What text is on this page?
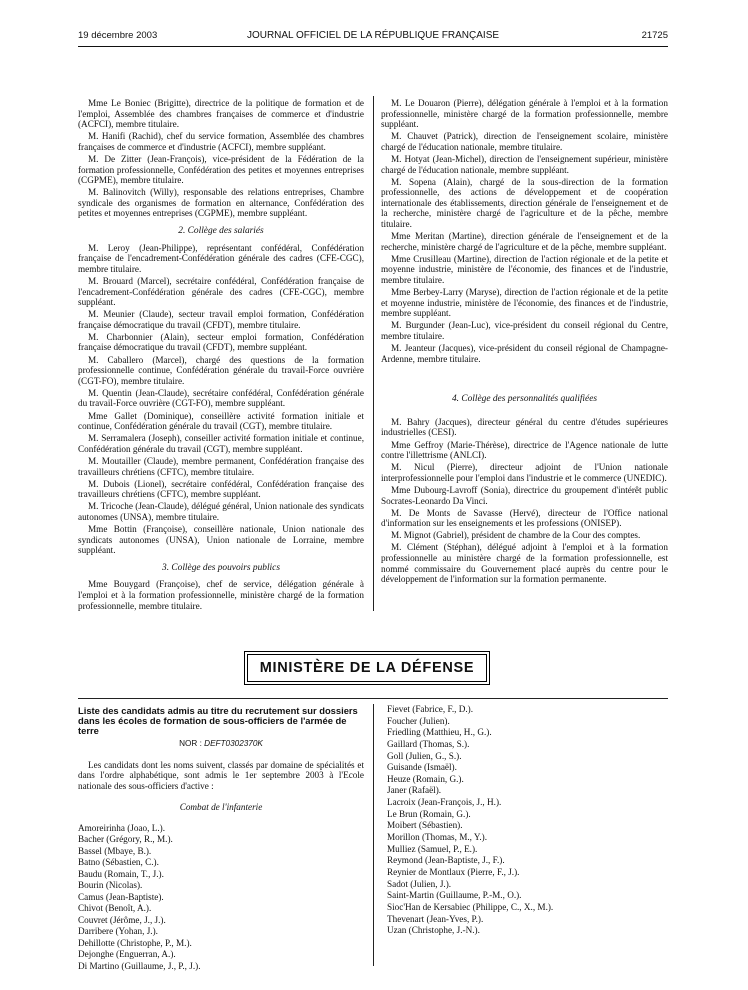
19 décembre 2003	JOURNAL OFFICIEL DE LA RÉPUBLIQUE FRANÇAISE	21725

Mme Le Boniec (Brigitte), directrice de la politique de formation et de l'emploi, Assemblée des chambres françaises de commerce et d'industrie (ACFCI), membre titulaire.

M. Hanifi (Rachid), chef du service formation, Assemblée des chambres françaises de commerce et d'industrie (ACFCI), membre suppléant.

M. De Zitter (Jean-François), vice-président de la Fédération de la formation professionnelle, Confédération des petites et moyennes entreprises (CGPME), membre titulaire.

M. Balinovitch (Willy), responsable des relations entreprises, Chambre syndicale des organismes de formation en alternance, Confédération des petites et moyennes entreprises (CGPME), membre suppléant.

2. Collège des salariés

M. Leroy (Jean-Philippe), représentant confédéral, Confédération française de l'encadrement-Confédération générale des cadres (CFE-CGC), membre titulaire.

M. Brouard (Marcel), secrétaire confédéral, Confédération française de l'encadrement-Confédération générale des cadres (CFE-CGC), membre suppléant.

M. Meunier (Claude), secteur travail emploi formation, Confédération française démocratique du travail (CFDT), membre titulaire.

M. Charbonnier (Alain), secteur emploi formation, Confédération française démocratique du travail (CFDT), membre suppléant.

M. Caballero (Marcel), chargé des questions de la formation professionnelle continue, Confédération générale du travail-Force ouvrière (CGT-FO), membre titulaire.

M. Quentin (Jean-Claude), secrétaire confédéral, Confédération générale du travail-Force ouvrière (CGT-FO), membre suppléant.

Mme Gallet (Dominique), conseillère activité formation initiale et continue, Confédération générale du travail (CGT), membre titulaire.

M. Serramalera (Joseph), conseiller activité formation initiale et continue, Confédération générale du travail (CGT), membre suppléant.

M. Moutailler (Claude), membre permanent, Confédération française des travailleurs chrétiens (CFTC), membre titulaire.

M. Dubois (Lionel), secrétaire confédéral, Confédération française des travailleurs chrétiens (CFTC), membre suppléant.

M. Tricoche (Jean-Claude), délégué général, Union nationale des syndicats autonomes (UNSA), membre titulaire.

Mme Bottin (Françoise), conseillère nationale, Union nationale des syndicats autonomes (UNSA), Union nationale de Lorraine, membre suppléant.

3. Collège des pouvoirs publics

Mme Bouygard (Françoise), chef de service, délégation générale à l'emploi et à la formation professionnelle, ministère chargé de la formation professionnelle, membre titulaire.

M. Le Douaron (Pierre), délégation générale à l'emploi et à la formation professionnelle, ministère chargé de la formation professionnelle, membre suppléant.

M. Chauvet (Patrick), direction de l'enseignement scolaire, ministère chargé de l'éducation nationale, membre titulaire.

M. Hotyat (Jean-Michel), direction de l'enseignement supérieur, ministère chargé de l'éducation nationale, membre suppléant.

M. Sopena (Alain), chargé de la sous-direction de la formation professionnelle, des actions de développement et de coopération internationale des établissements, direction générale de l'enseignement et de la recherche, ministère chargé de l'agriculture et de la pêche, membre titulaire.

Mme Meritan (Martine), direction générale de l'enseignement et de la recherche, ministère chargé de l'agriculture et de la pêche, membre suppléant.

Mme Crusilleau (Martine), direction de l'action régionale et de la petite et moyenne industrie, ministère de l'économie, des finances et de l'industrie, membre titulaire.

Mme Berbey-Larry (Maryse), direction de l'action régionale et de la petite et moyenne industrie, ministère de l'économie, des finances et de l'industrie, membre suppléant.

M. Burgunder (Jean-Luc), vice-président du conseil régional du Centre, membre titulaire.

M. Jeanteur (Jacques), vice-président du conseil régional de Champagne-Ardenne, membre titulaire.

4. Collège des personnalités qualifiées

M. Bahry (Jacques), directeur général du centre d'études supérieures industrielles (CESI).

Mme Geffroy (Marie-Thérèse), directrice de l'Agence nationale de lutte contre l'illettrisme (ANLCI).

M. Nicul (Pierre), directeur adjoint de l'Union nationale interprofessionnelle pour l'emploi dans l'industrie et le commerce (UNEDIC).

Mme Dubourg-Lavroff (Sonia), directrice du groupement d'intérêt public Socrates-Leonardo Da Vinci.

M. De Monts de Savasse (Hervé), directeur de l'Office national d'information sur les enseignements et les professions (ONISEP).

M. Mignot (Gabriel), président de chambre de la Cour des comptes.

M. Clément (Stéphan), délégué adjoint à l'emploi et à la formation professionnelle au ministère chargé de la formation professionnelle, est nommé commissaire du Gouvernement placé auprès du centre pour le développement de l'information sur la formation permanente.

MINISTÈRE DE LA DÉFENSE
Liste des candidats admis au titre du recrutement sur dossiers dans les écoles de formation de sous-officiers de l'armée de terre
NOR : DEFT0302370K
Les candidats dont les noms suivent, classés par domaine de spécialités et dans l'ordre alphabétique, sont admis le 1er septembre 2003 à l'Ecole nationale des sous-officiers d'active :
Combat de l'infanterie
Amoreirinha (Joao, L.).
Bacher (Grégory, R., M.).
Bassel (Mbaye, B.).
Batno (Sébastien, C.).
Baudu (Romain, T., J.).
Bourin (Nicolas).
Camus (Jean-Baptiste).
Chivot (Benoît, A.).
Couvret (Jérôme, J., J.).
Darribere (Yohan, J.).
Dehillotte (Christophe, P., M.).
Dejonghe (Enguerran, A.).
Di Martino (Guillaume, J., P., J.).
Fievet (Fabrice, F., D.).
Foucher (Julien).
Friedling (Matthieu, H., G.).
Gaillard (Thomas, S.).
Goll (Julien, G., S.).
Guisande (Ismaël).
Heuze (Romain, G.).
Janer (Rafaël).
Lacroix (Jean-François, J., H.).
Le Brun (Romain, G.).
Moibert (Sébastien).
Morillon (Thomas, M., Y.).
Mulliez (Samuel, P., E.).
Reymond (Jean-Baptiste, J., F.).
Reynier de Montlaux (Pierre, F., J.).
Sadot (Julien, J.).
Saint-Martin (Guillaume, P.-M., O.).
Sioc'Han de Kersabiec (Philippe, C., X., M.).
Thevenart (Jean-Yves, P.).
Uzan (Christophe, J.-N.).
